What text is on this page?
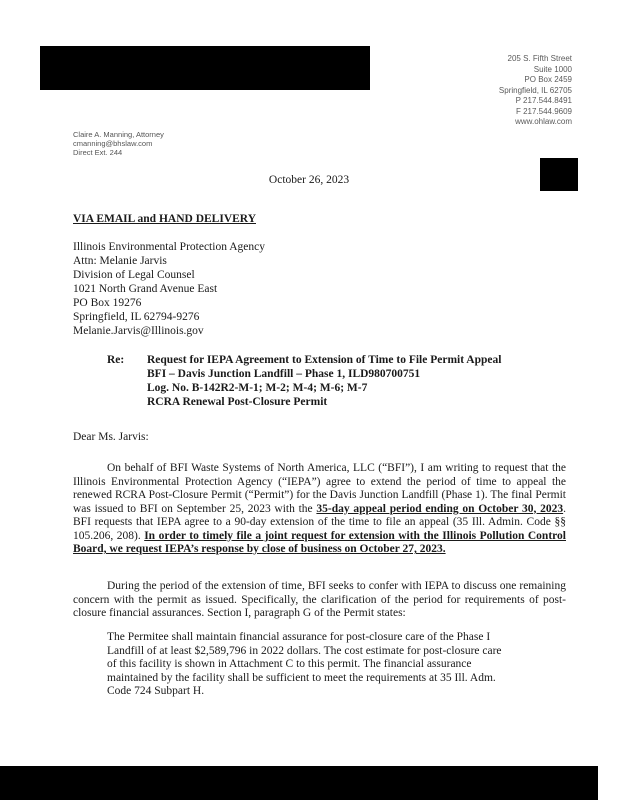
205 S. Fifth Street
Suite 1000
PO Box 2459
Springfield, IL 62705
P 217.544.8491
F 217.544.9609
www.ohlaw.com
Claire A. Manning, Attorney
cmanning@bhslaw.com
Direct Ext. 244
October 26, 2023
VIA EMAIL and HAND DELIVERY
Illinois Environmental Protection Agency
Attn: Melanie Jarvis
Division of Legal Counsel
1021 North Grand Avenue East
PO Box 19276
Springfield, IL 62794-9276
Melanie.Jarvis@Illinois.gov
Re: Request for IEPA Agreement to Extension of Time to File Permit Appeal
BFI – Davis Junction Landfill – Phase 1, ILD980700751
Log. No. B-142R2-M-1; M-2; M-4; M-6; M-7
RCRA Renewal Post-Closure Permit
Dear Ms. Jarvis:
On behalf of BFI Waste Systems of North America, LLC (“BFI”), I am writing to request that the Illinois Environmental Protection Agency (“IEPA”) agree to extend the period of time to appeal the renewed RCRA Post-Closure Permit (“Permit”) for the Davis Junction Landfill (Phase 1). The final Permit was issued to BFI on September 25, 2023 with the 35-day appeal period ending on October 30, 2023. BFI requests that IEPA agree to a 90-day extension of the time to file an appeal (35 Ill. Admin. Code §§ 105.206, 208). In order to timely file a joint request for extension with the Illinois Pollution Control Board, we request IEPA’s response by close of business on October 27, 2023.
During the period of the extension of time, BFI seeks to confer with IEPA to discuss one remaining concern with the permit as issued. Specifically, the clarification of the period for requirements of post-closure financial assurances. Section I, paragraph G of the Permit states:
The Permitee shall maintain financial assurance for post-closure care of the Phase I Landfill of at least $2,589,796 in 2022 dollars. The cost estimate for post-closure care of this facility is shown in Attachment C to this permit. The financial assurance maintained by the facility shall be sufficient to meet the requirements at 35 Ill. Adm. Code 724 Subpart H.
